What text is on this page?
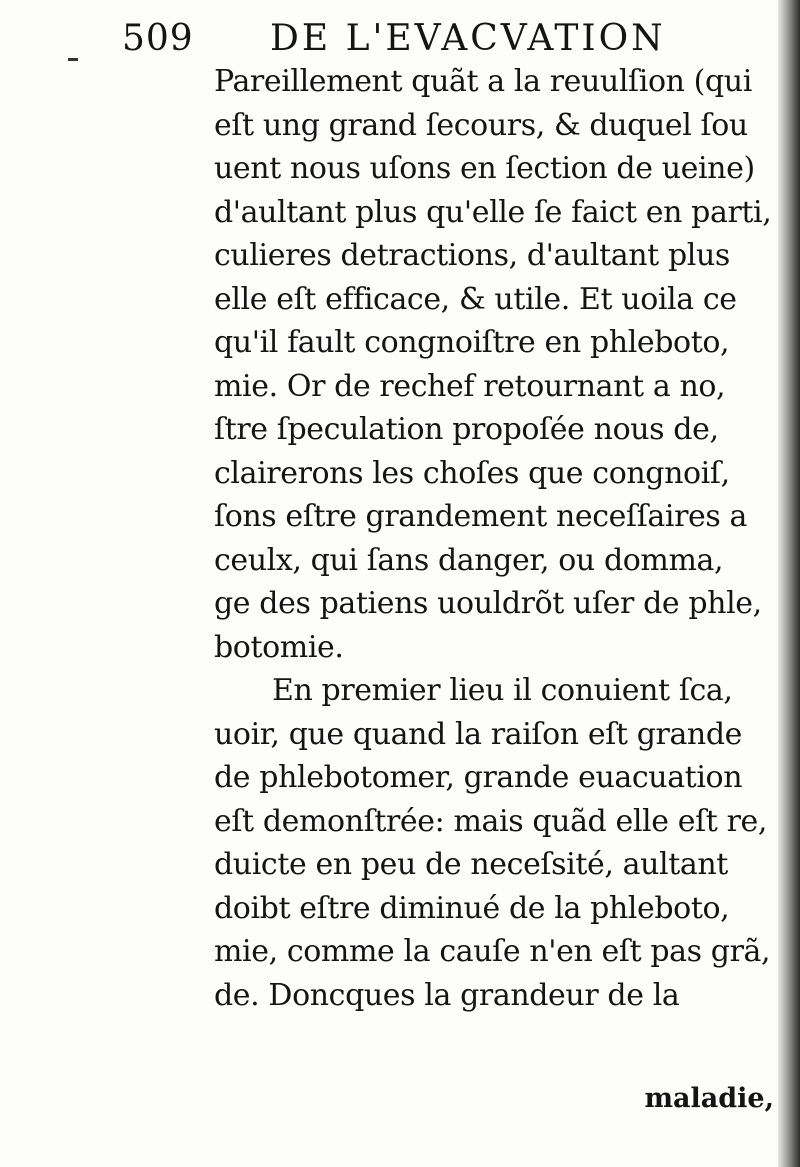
509 DE L'EVACVATION
Pareillement quãt a la reuulſion (qui
eſt ung grand ſecours, & duquel ſou
uent nous uſons en ſection de ueine)
d'aultant plus qu'elle ſe faict en parti,
culieres detractions, d'aultant plus
elle eſt efficace, & utile. Et uoila ce
qu'il fault congnoiſtre en phleboto,
mie. Or de rechef retournant a no,
ſtre ſpeculation propoſée nous de,
clairerons les choſes que congnoiſ,
ſons eſtre grandement neceſſaires a
ceulx, qui ſans danger, ou domma,
ge des patiens uouldrõt uſer de phle,
botomie.
En premier lieu il conuient ſca,
uoir, que quand la raiſon eſt grande
de phlebotomer, grande euacuation
eſt demonſtrée: mais quãd elle eſt re,
duicte en peu de neceſsité, aultant
doibt eſtre diminué de la phleboto,
mie, comme la cauſe n'en eſt pas grã,
de. Doncques la grandeur de la
maladie,
